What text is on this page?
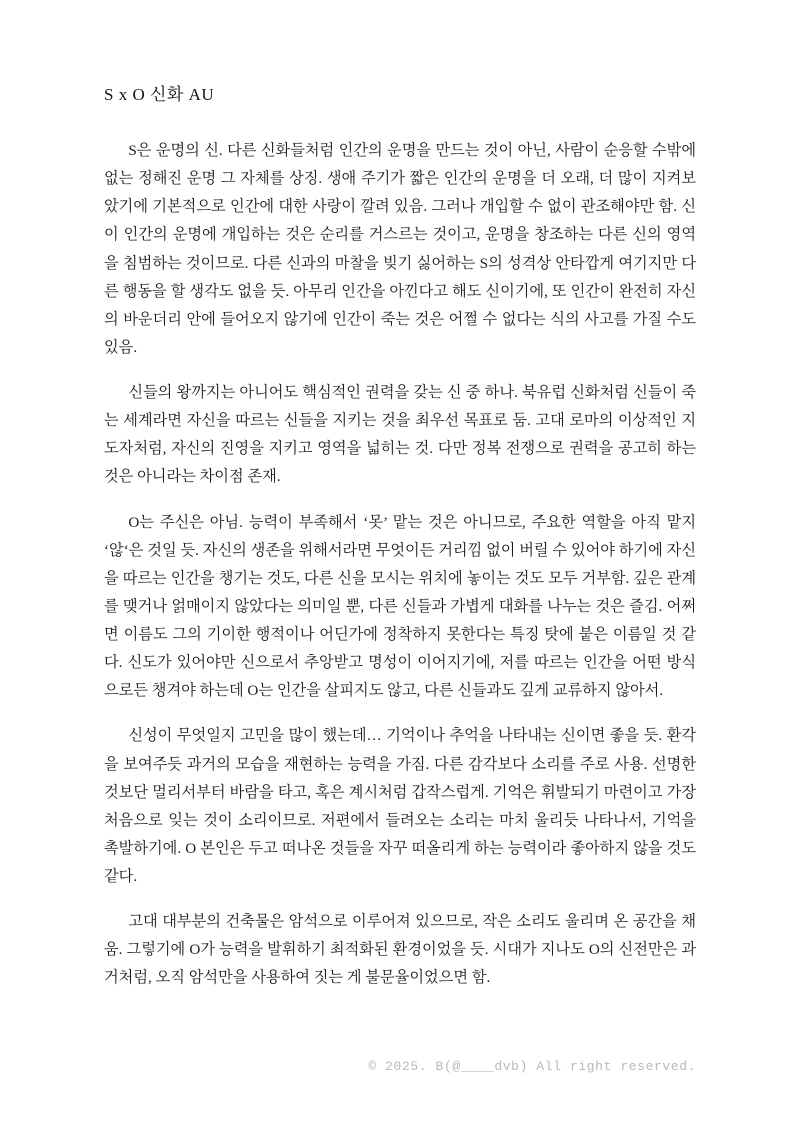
S x O 신화 AU

S은 운명의 신. 다른 신화들처럼 인간의 운명을 만드는 것이 아닌, 사람이 순응할 수밖에 없는 정해진 운명 그 자체를 상징. 생애 주기가 짧은 인간의 운명을 더 오래, 더 많이 지켜보았기에 기본적으로 인간에 대한 사랑이 깔려 있음. 그러나 개입할 수 없이 관조해야만 함. 신이 인간의 운명에 개입하는 것은 순리를 거스르는 것이고, 운명을 창조하는 다른 신의 영역을 침범하는 것이므로. 다른 신과의 마찰을 빚기 싫어하는 S의 성격상 안타깝게 여기지만 다른 행동을 할 생각도 없을 듯. 아무리 인간을 아낀다고 해도 신이기에, 또 인간이 완전히 자신의 바운더리 안에 들어오지 않기에 인간이 죽는 것은 어쩔 수 없다는 식의 사고를 가질 수도 있음.

신들의 왕까지는 아니어도 핵심적인 권력을 갖는 신 중 하나. 북유럽 신화처럼 신들이 죽는 세계라면 자신을 따르는 신들을 지키는 것을 최우선 목표로 둠. 고대 로마의 이상적인 지도자처럼, 자신의 진영을 지키고 영역을 넓히는 것. 다만 정복 전쟁으로 권력을 공고히 하는 것은 아니라는 차이점 존재.

O는 주신은 아님. 능력이 부족해서 ‘못’ 맡는 것은 아니므로, 주요한 역할을 아직 맡지 ‘않‘은 것일 듯. 자신의 생존을 위해서라면 무엇이든 거리낌 없이 버릴 수 있어야 하기에 자신을 따르는 인간을 챙기는 것도, 다른 신을 모시는 위치에 놓이는 것도 모두 거부함. 깊은 관계를 맺거나 얽매이지 않았다는 의미일 뿐, 다른 신들과 가볍게 대화를 나누는 것은 즐김. 어쩌면 이름도 그의 기이한 행적이나 어딘가에 정착하지 못한다는 특징 탓에 붙은 이름일 것 같다. 신도가 있어야만 신으로서 추앙받고 명성이 이어지기에, 저를 따르는 인간을 어떤 방식으로든 챙겨야 하는데 O는 인간을 살피지도 않고, 다른 신들과도 깊게 교류하지 않아서.

신성이 무엇일지 고민을 많이 했는데… 기억이나 추억을 나타내는 신이면 좋을 듯. 환각을 보여주듯 과거의 모습을 재현하는 능력을 가짐. 다른 감각보다 소리를 주로 사용. 선명한 것보단 멀리서부터 바람을 타고, 혹은 계시처럼 갑작스럽게. 기억은 휘발되기 마련이고 가장 처음으로 잊는 것이 소리이므로. 저편에서 들려오는 소리는 마치 울리듯 나타나서, 기억을 촉발하기에. O 본인은 두고 떠나온 것들을 자꾸 떠올리게 하는 능력이라 좋아하지 않을 것도 같다.

고대 대부분의 건축물은 암석으로 이루어져 있으므로, 작은 소리도 울리며 온 공간을 채움. 그렇기에 O가 능력을 발휘하기 최적화된 환경이었을 듯. 시대가 지나도 O의 신전만은 과거처럼, 오직 암석만을 사용하여 짓는 게 불문율이었으면 함.

© 2025. B(@____dvb) All right reserved.
